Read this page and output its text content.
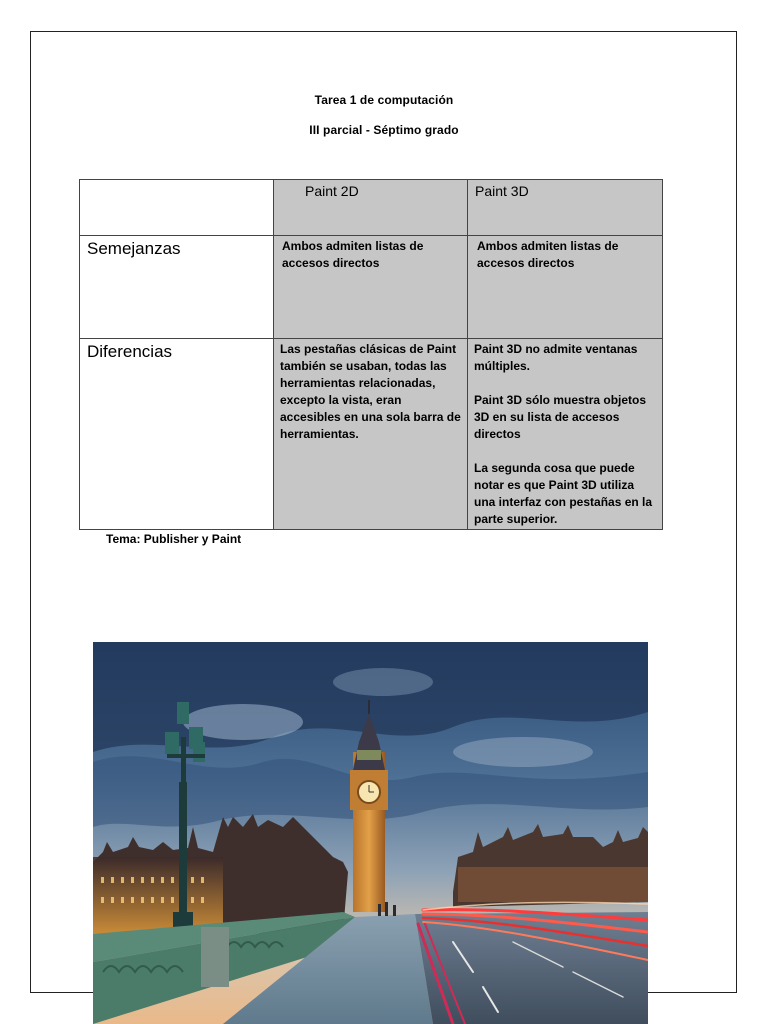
Tarea 1 de computación
III parcial - Séptimo grado

	Paint 2D	Paint 3D

Semejanzas	Ambos admiten listas de accesos directos	Ambos admiten listas de accesos directos

Diferencias	Las pestañas clásicas de Paint también se usaban, todas las herramientas relacionadas, excepto la vista, eran accesibles en una sola barra de herramientas.	Paint 3D no admite ventanas múltiples.

Paint 3D sólo muestra objetos 3D en su lista de accesos directos

La segunda cosa que puede notar es que Paint 3D utiliza una interfaz con pestañas en la parte superior.

Tema: Publisher y Paint
